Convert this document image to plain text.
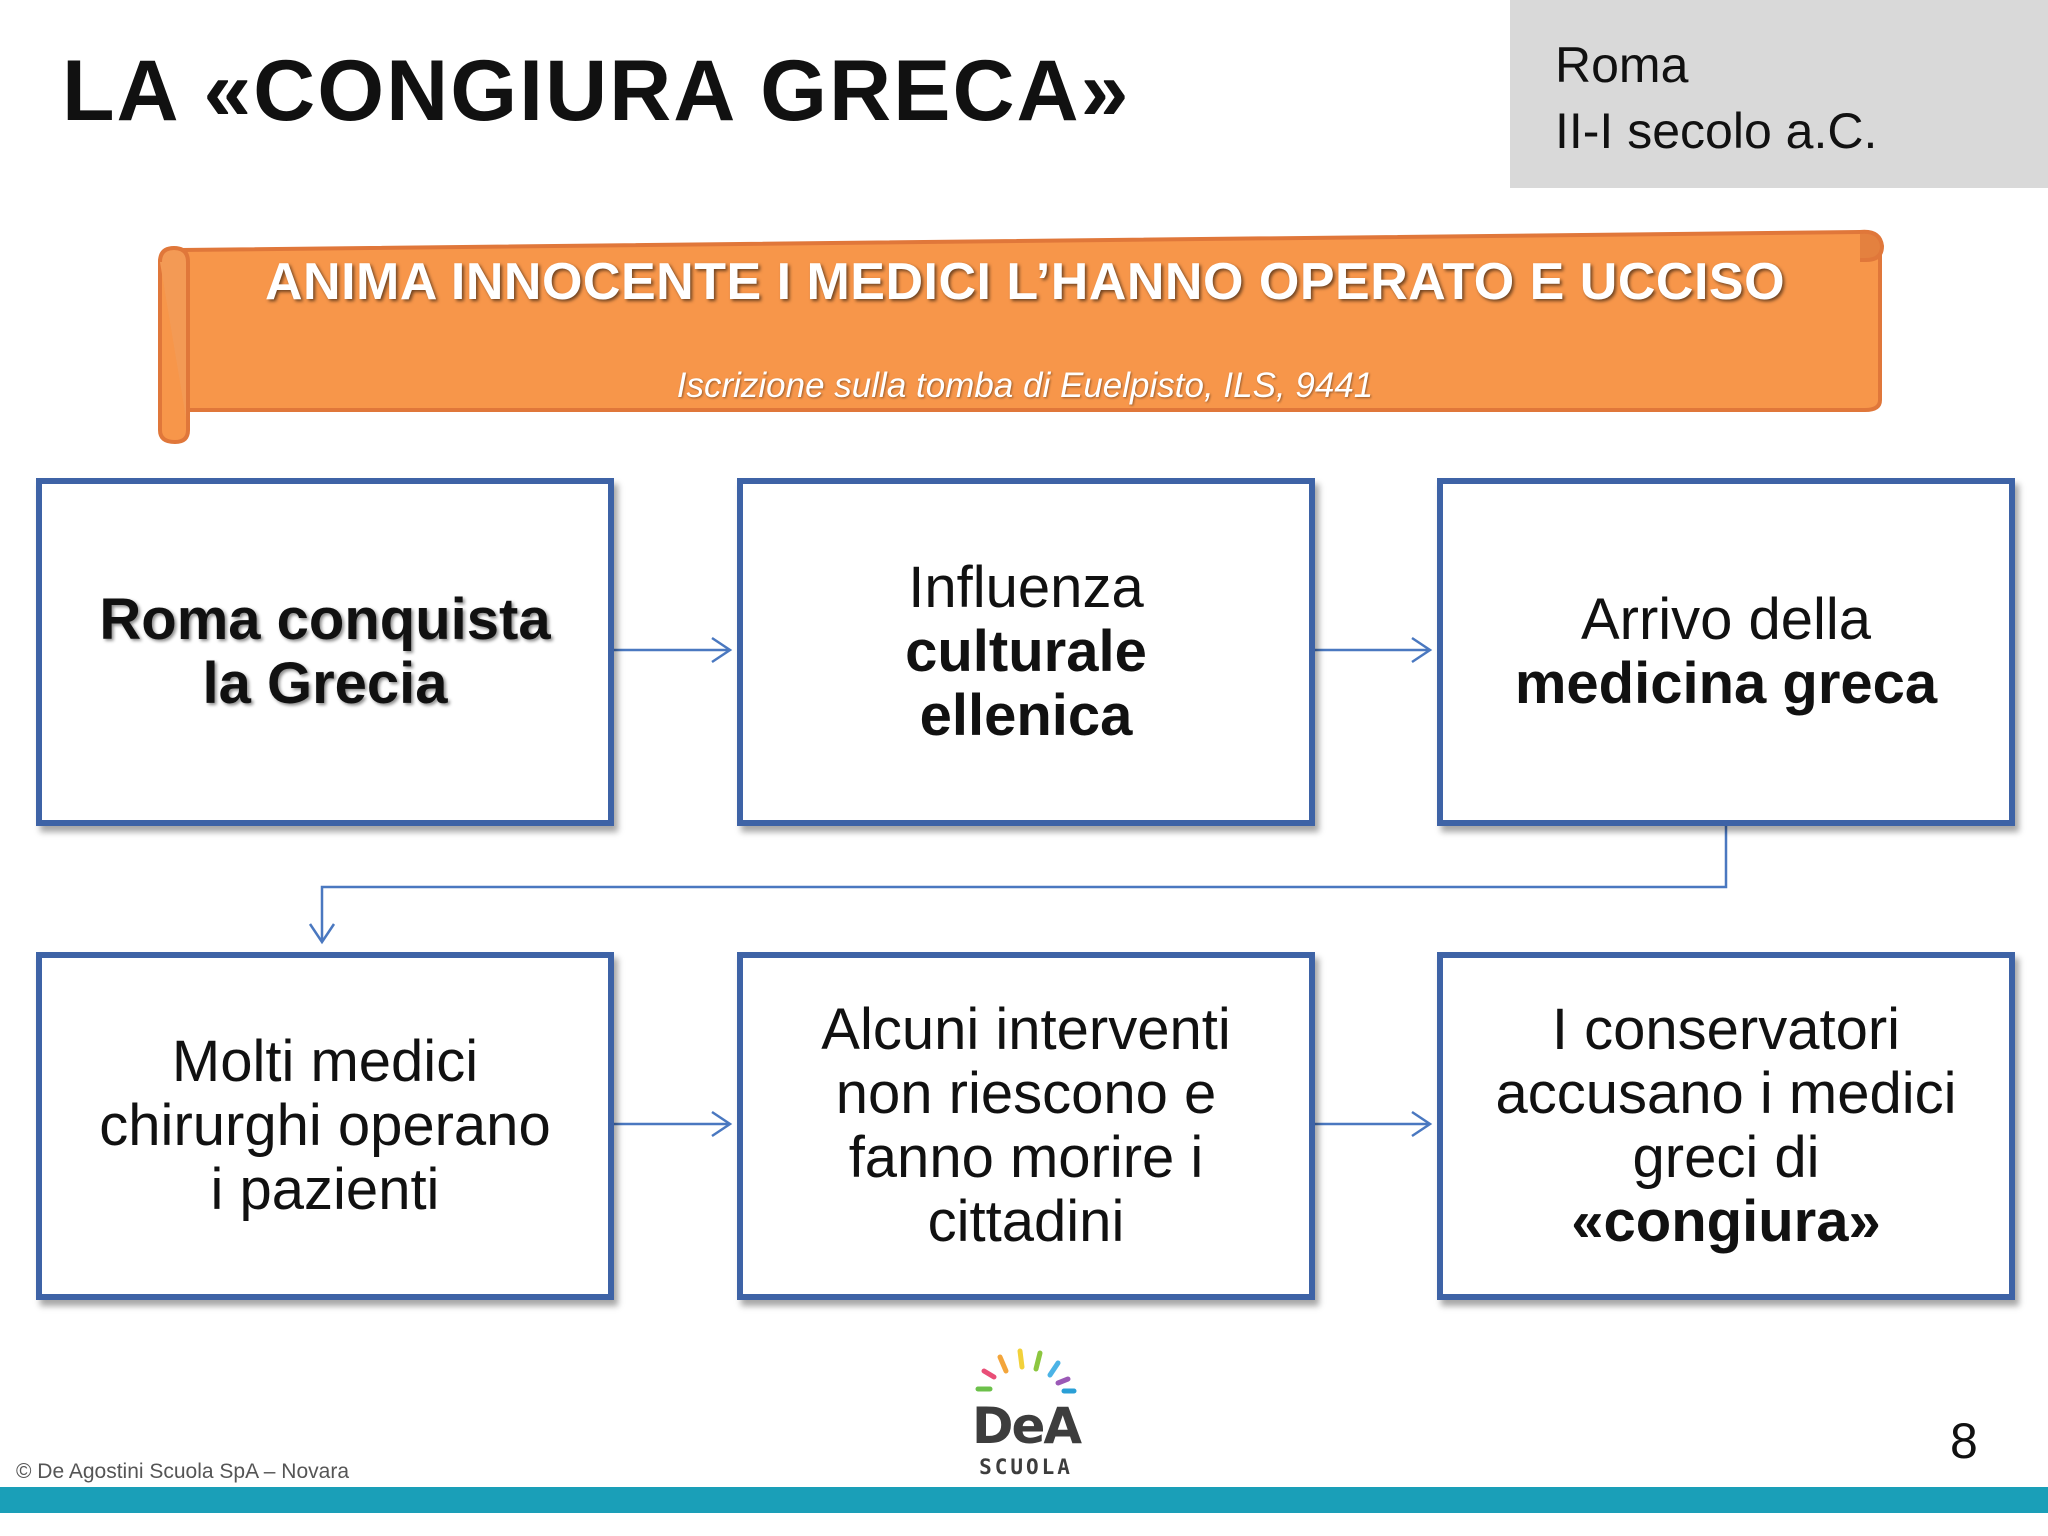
LA «CONGIURA GRECA»	Roma
II-I secolo a.C.
ANIMA INNOCENTE I MEDICI L’HANNO OPERATO E UCCISO
Iscrizione sulla tomba di Euelpisto, ILS, 9441
Roma conquista
la Grecia
Influenza
culturale
ellenica
Arrivo della
medicina greca
Molti medici
chirurghi operano
i pazienti
Alcuni interventi
non riescono e
fanno morire i
cittadini
I conservatori
accusano i medici
greci di
«congiura»
DeA
SCUOLA	8
© De Agostini Scuola SpA – Novara
